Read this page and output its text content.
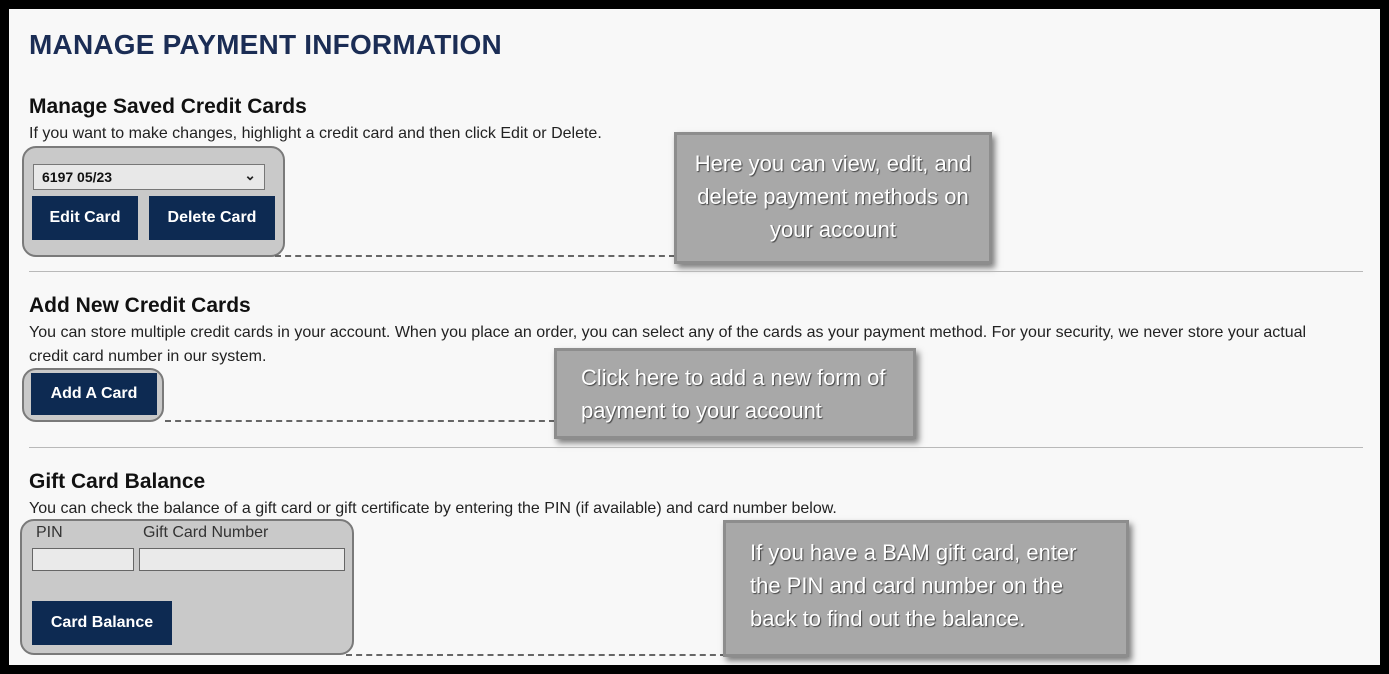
MANAGE PAYMENT INFORMATION
Manage Saved Credit Cards
If you want to make changes, highlight a credit card and then click Edit or Delete.
6197 05/23	⌄
Edit Card	Delete Card
Here you can view, edit, and delete payment methods on your account
Add New Credit Cards
You can store multiple credit cards in your account. When you place an order, you can select any of the cards as your payment method. For your security, we never store your actual credit card number in our system.
Add A Card
Click here to add a new form of payment to your account
Gift Card Balance
You can check the balance of a gift card or gift certificate by entering the PIN (if available) and card number below.
PIN	Gift Card Number
Card Balance
If you have a BAM gift card, enter the PIN and card number on the back to find out the balance.
